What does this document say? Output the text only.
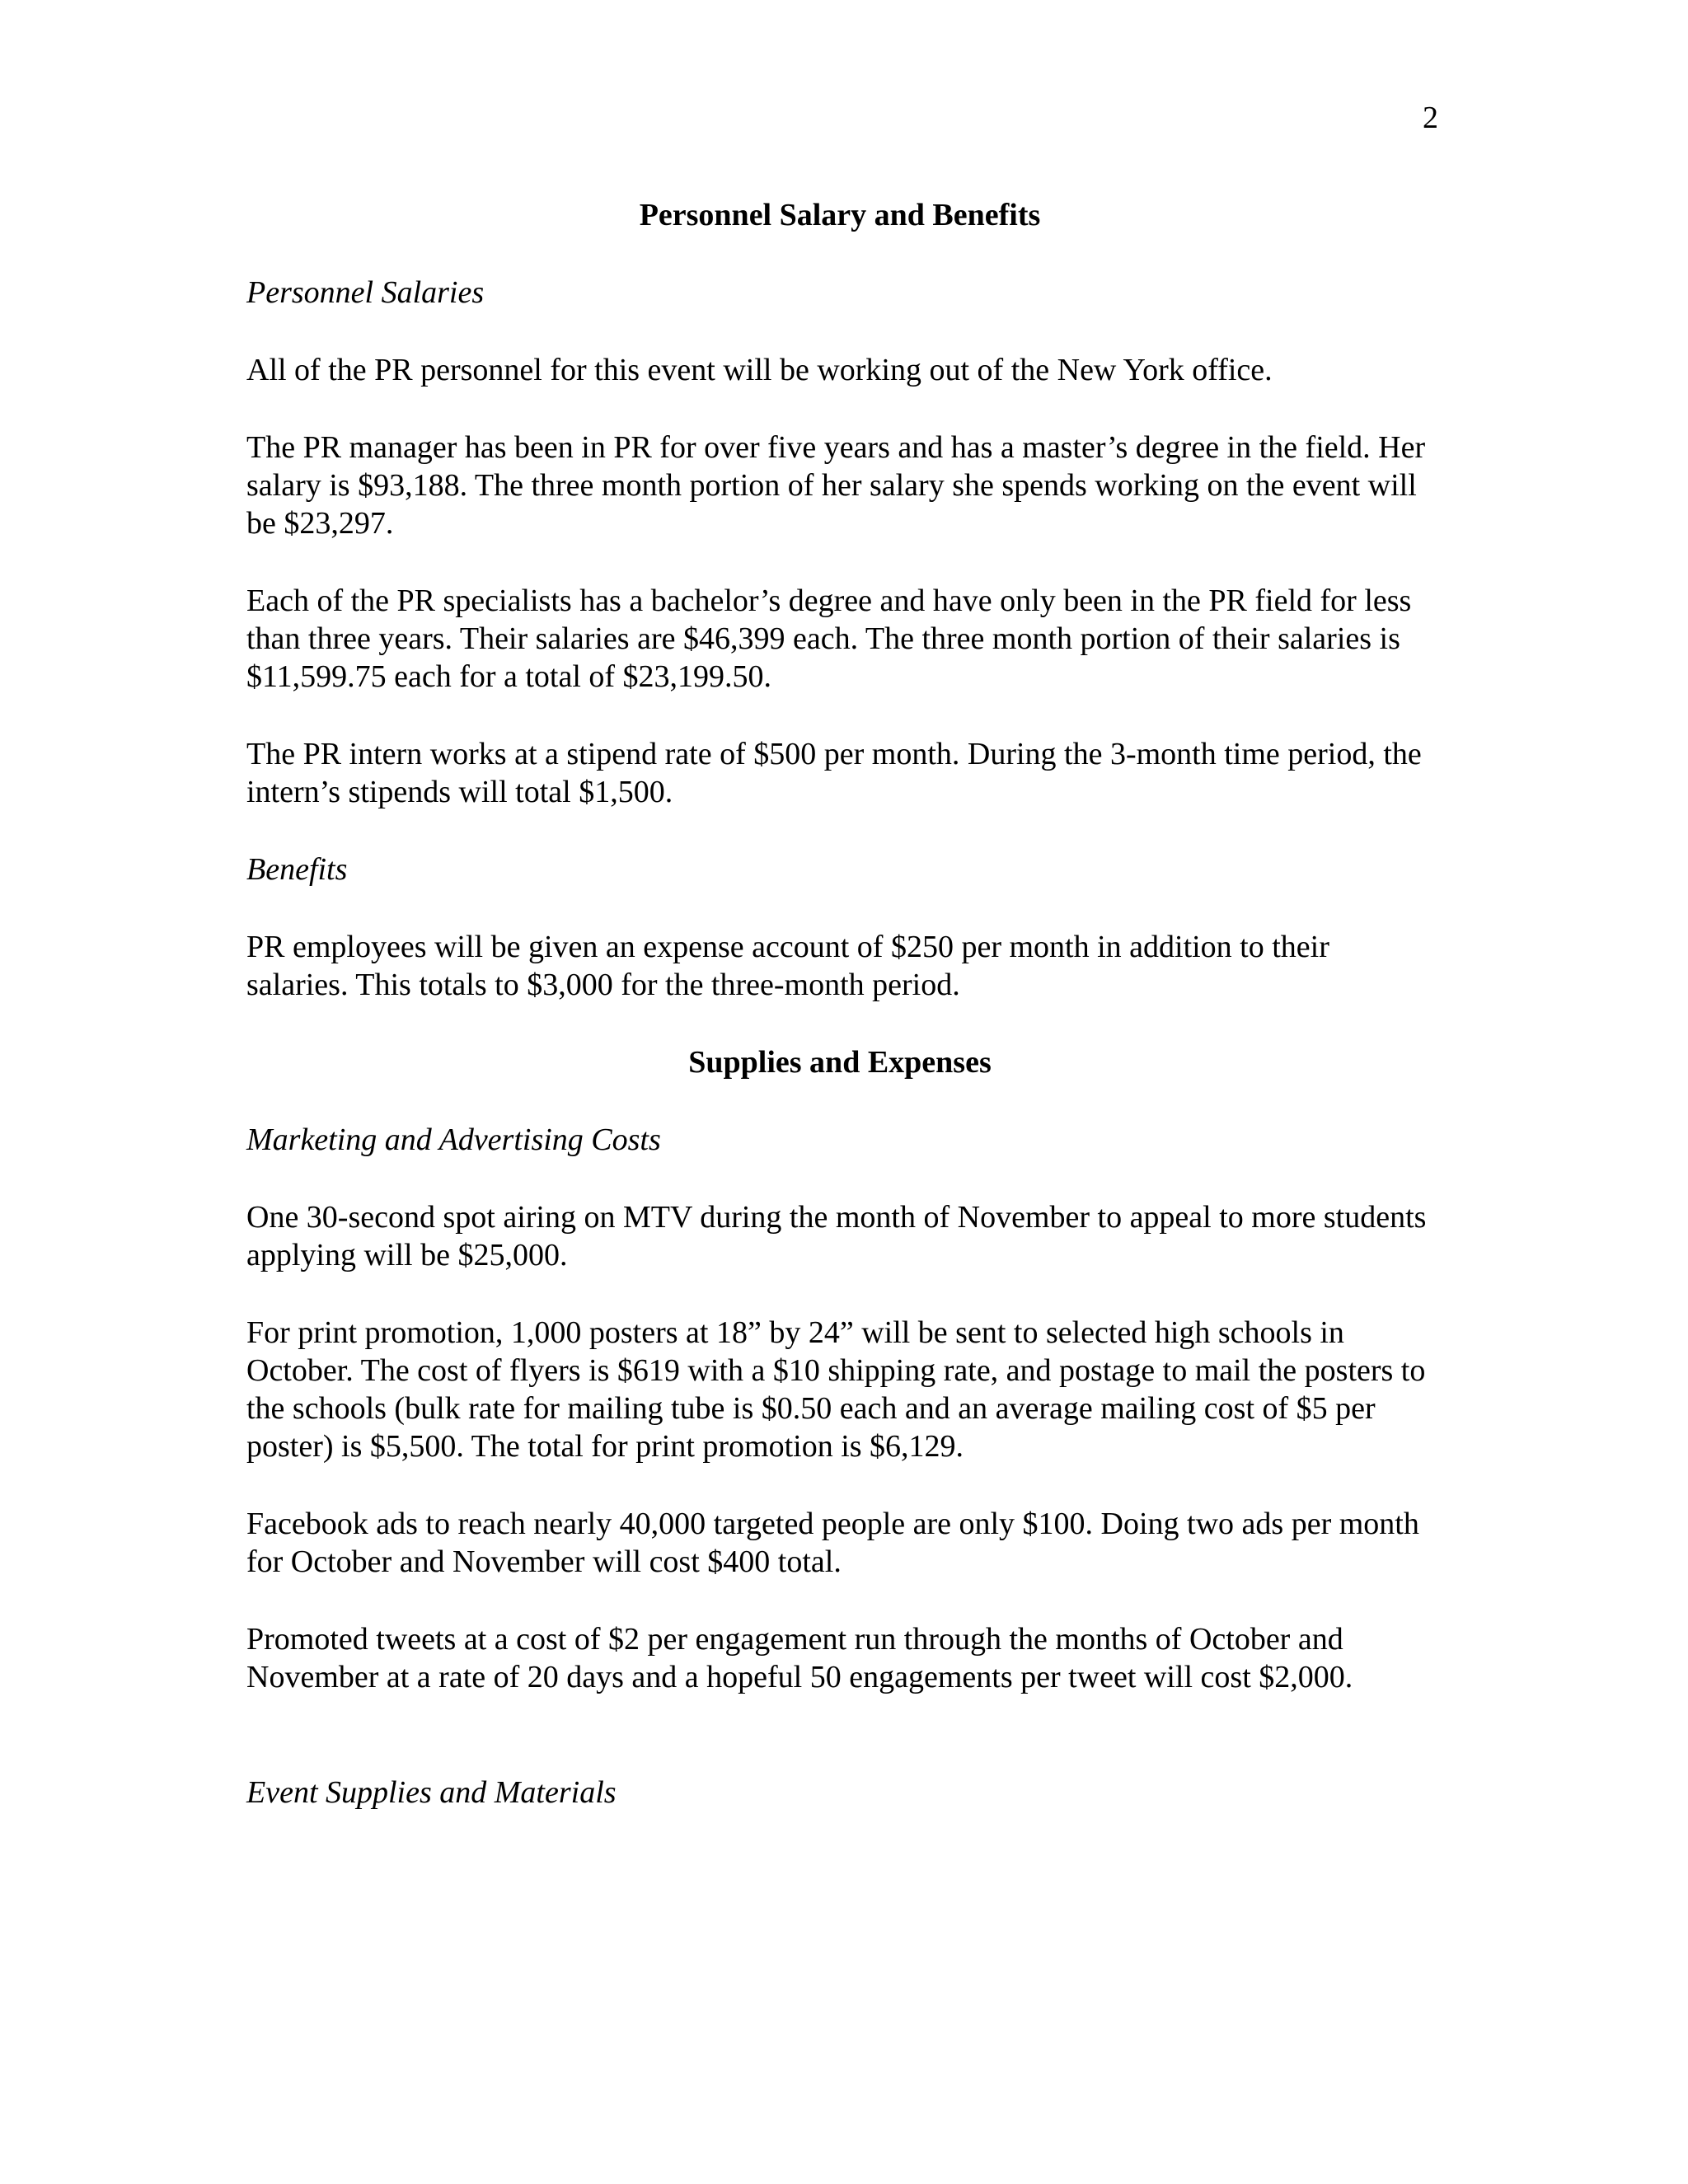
2
Personnel Salary and Benefits
Personnel Salaries

All of the PR personnel for this event will be working out of the New York office.

The PR manager has been in PR for over five years and has a master’s degree in the field. Her salary is $93,188. The three month portion of her salary she spends working on the event will be $23,297.

Each of the PR specialists has a bachelor’s degree and have only been in the PR field for less than three years. Their salaries are $46,399 each. The three month portion of their salaries is $11,599.75 each for a total of $23,199.50.

The PR intern works at a stipend rate of $500 per month. During the 3-month time period, the intern’s stipends will total $1,500.

Benefits

PR employees will be given an expense account of $250 per month in addition to their salaries. This totals to $3,000 for the three-month period.

Supplies and Expenses
Marketing and Advertising Costs

One 30-second spot airing on MTV during the month of November to appeal to more students applying will be $25,000.

For print promotion, 1,000 posters at 18” by 24” will be sent to selected high schools in October. The cost of flyers is $619 with a $10 shipping rate, and postage to mail the posters to the schools (bulk rate for mailing tube is $0.50 each and an average mailing cost of $5 per poster) is $5,500. The total for print promotion is $6,129.

Facebook ads to reach nearly 40,000 targeted people are only $100. Doing two ads per month for October and November will cost $400 total.

Promoted tweets at a cost of $2 per engagement run through the months of October and November at a rate of 20 days and a hopeful 50 engagements per tweet will cost $2,000.

Event Supplies and Materials
